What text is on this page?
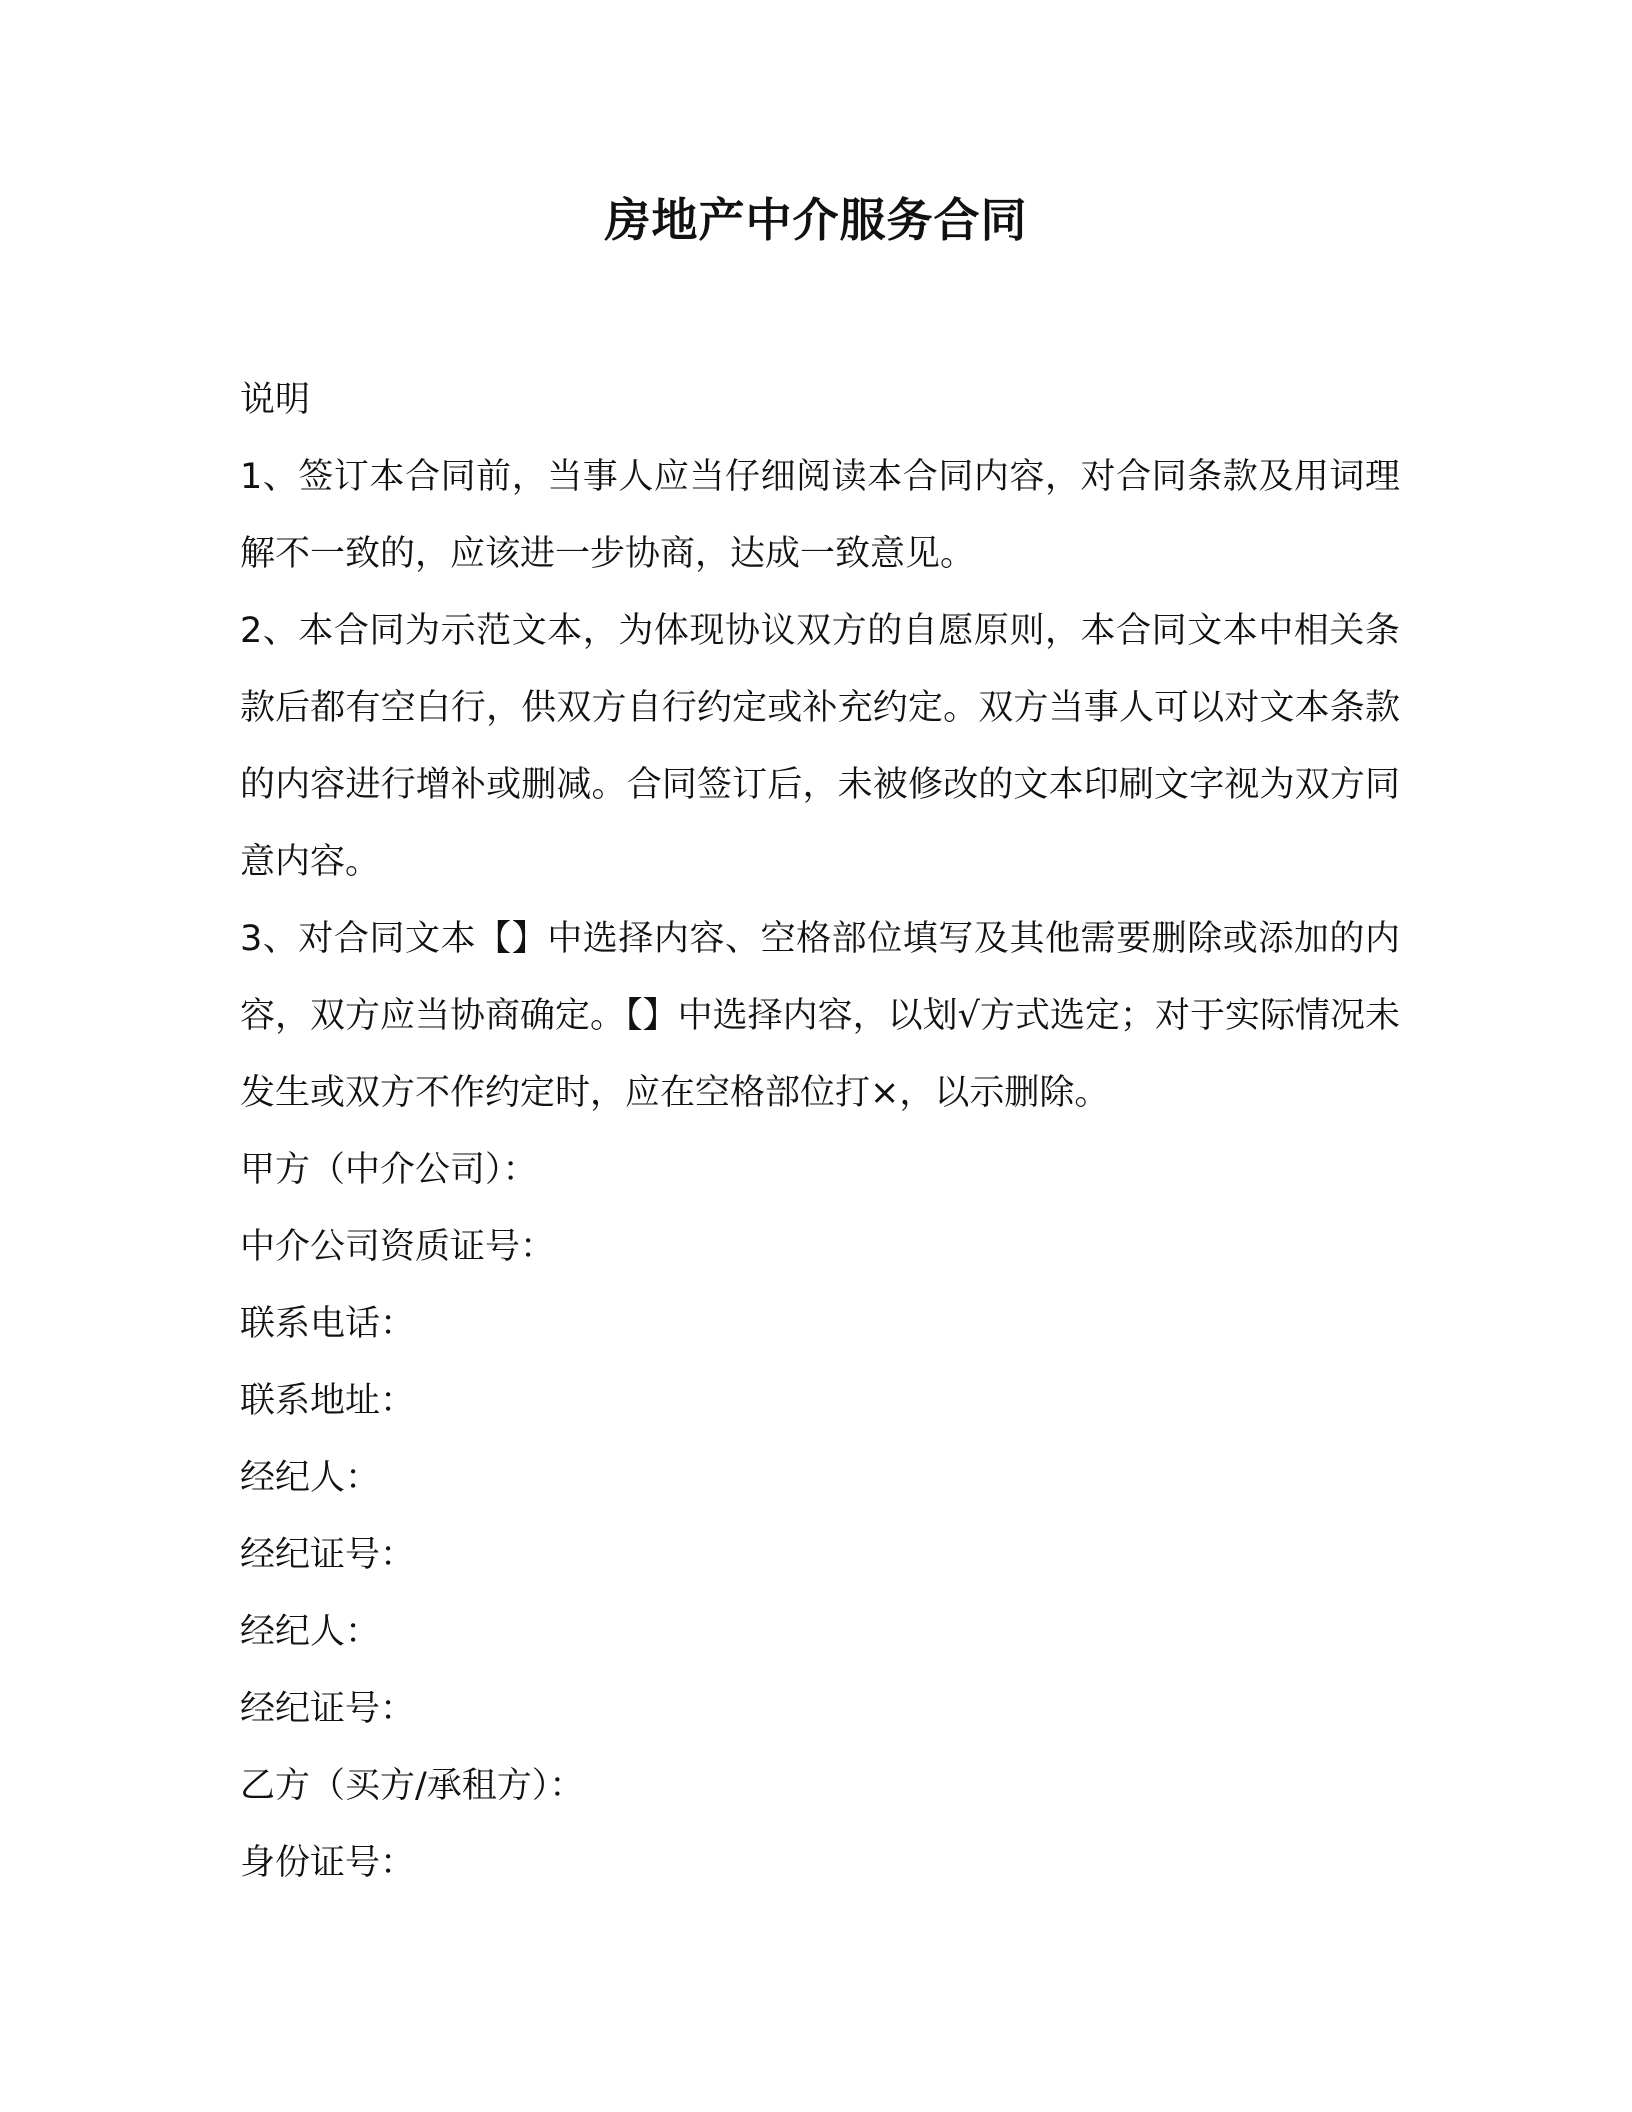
房地产中介服务合同

说明

1、签订本合同前，当事人应当仔细阅读本合同内容，对合同条款及用词理解不一致的，应该进一步协商，达成一致意见。

2、本合同为示范文本，为体现协议双方的自愿原则，本合同文本中相关条款后都有空白行，供双方自行约定或补充约定。双方当事人可以对文本条款的内容进行增补或删减。合同签订后，未被修改的文本印刷文字视为双方同意内容。

3、对合同文本【】中选择内容、空格部位填写及其他需要删除或添加的内容，双方应当协商确定。【】中选择内容，以划√方式选定；对于实际情况未发生或双方不作约定时，应在空格部位打×，以示删除。

甲方（中介公司）：

中介公司资质证号：

联系电话：

联系地址：

经纪人：

经纪证号：

经纪人：

经纪证号：

乙方（买方/承租方）：

身份证号：
